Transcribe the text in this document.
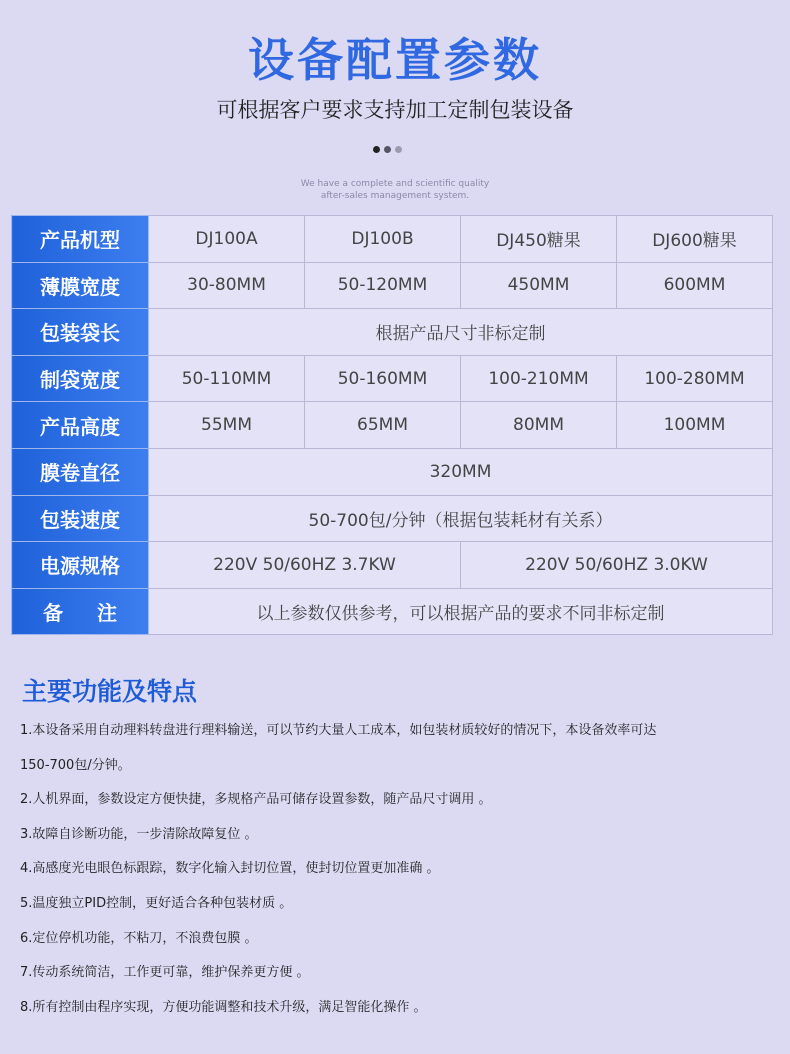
设备配置参数
可根据客户要求支持加工定制包装设备
We have a complete and scientific quality
after-sales management system.
产品机型	DJ100A	DJ100B	DJ450糖果	DJ600糖果
薄膜宽度	30-80MM	50-120MM	450MM	600MM
包装袋长	根据产品尺寸非标定制			
制袋宽度	50-110MM	50-160MM	100-210MM	100-280MM
产品高度	55MM	65MM	80MM	100MM
膜卷直径	320MM			
包装速度	50-700包/分钟（根据包装耗材有关系）			
电源规格	220V 50/60HZ 3.7KW		220V 50/60HZ 3.0KW	
备注	以上参数仅供参考，可以根据产品的要求不同非标定制			
主要功能及特点
1.本设备采用自动理料转盘进行理料输送，可以节约大量人工成本，如包装材质较好的情况下，本设备效率可达
150-700包/分钟。
2.人机界面，参数设定方便快捷，多规格产品可储存设置参数，随产品尺寸调用 。
3.故障自诊断功能，一步清除故障复位 。
4.高感度光电眼色标跟踪，数字化输入封切位置，使封切位置更加准确 。
5.温度独立PID控制，更好适合各种包装材质 。
6.定位停机功能，不粘刀，不浪费包膜 。
7.传动系统简洁，工作更可靠，维护保养更方便 。
8.所有控制由程序实现，方便功能调整和技术升级，满足智能化操作 。
